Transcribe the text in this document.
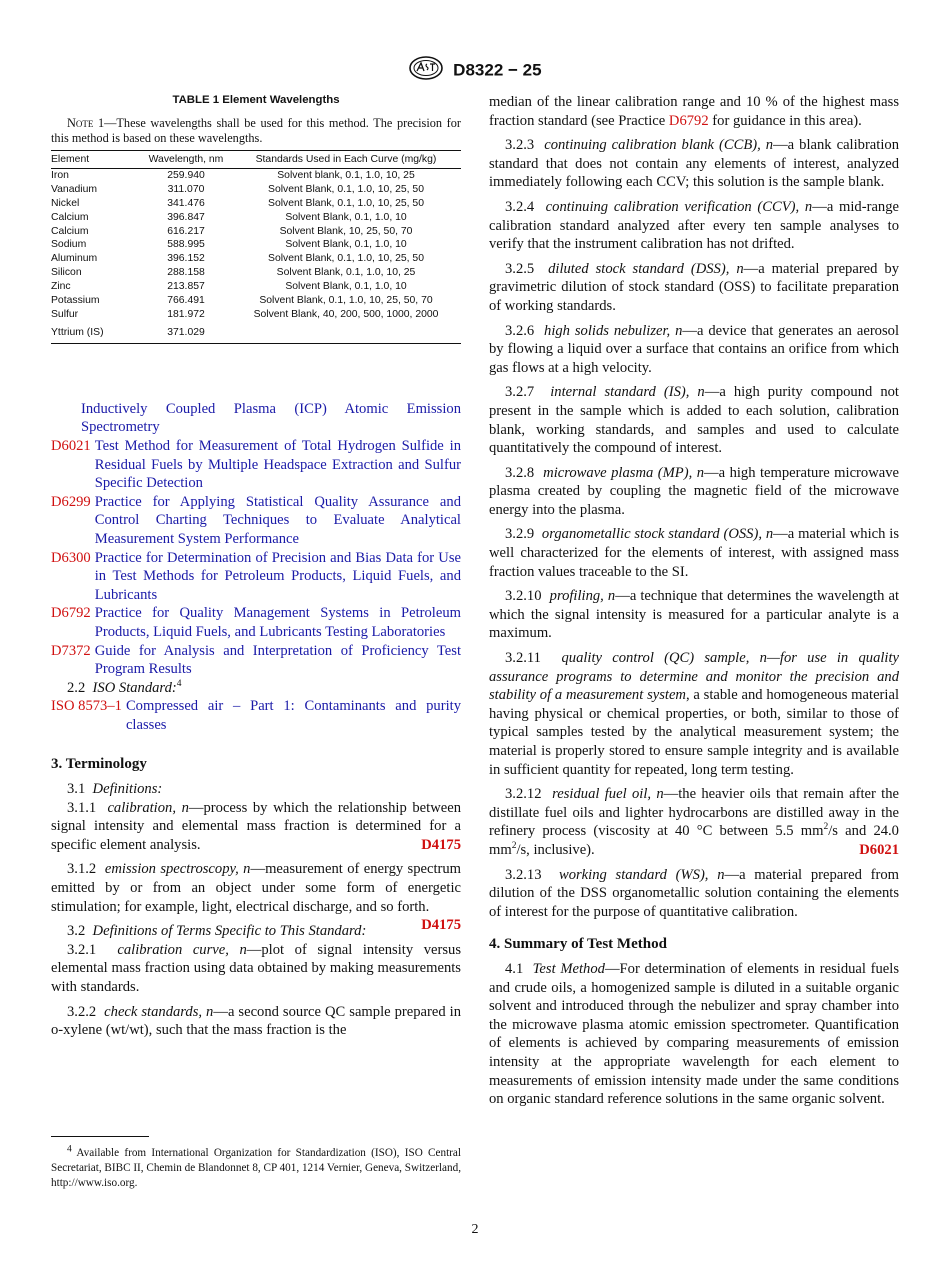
D8322 − 25
TABLE 1 Element Wavelengths
Note 1—These wavelengths shall be used for this method. The precision for this method is based on these wavelengths.
Element	Wavelength, nm	Standards Used in Each Curve (mg/kg)
Iron	259.940	Solvent blank, 0.1, 1.0, 10, 25
Vanadium	311.070	Solvent Blank, 0.1, 1.0, 10, 25, 50
Nickel	341.476	Solvent Blank, 0.1, 1.0, 10, 25, 50
Calcium	396.847	Solvent Blank, 0.1, 1.0, 10
Calcium	616.217	Solvent Blank, 10, 25, 50, 70
Sodium	588.995	Solvent Blank, 0.1, 1.0, 10
Aluminum	396.152	Solvent Blank, 0.1, 1.0, 10, 25, 50
Silicon	288.158	Solvent Blank, 0.1, 1.0, 10, 25
Zinc	213.857	Solvent Blank, 0.1, 1.0, 10
Potassium	766.491	Solvent Blank, 0.1, 1.0, 10, 25, 50, 70
Sulfur	181.972	Solvent Blank, 40, 200, 500, 1000, 2000
Yttrium (IS)	371.029	
Inductively Coupled Plasma (ICP) Atomic Emission Spectrometry
D6021 Test Method for Measurement of Total Hydrogen Sulfide in Residual Fuels by Multiple Headspace Extraction and Sulfur Specific Detection
D6299 Practice for Applying Statistical Quality Assurance and Control Charting Techniques to Evaluate Analytical Measurement System Performance
D6300 Practice for Determination of Precision and Bias Data for Use in Test Methods for Petroleum Products, Liquid Fuels, and Lubricants
D6792 Practice for Quality Management Systems in Petroleum Products, Liquid Fuels, and Lubricants Testing Laboratories
D7372 Guide for Analysis and Interpretation of Proficiency Test Program Results
2.2 ISO Standard:$^4$
ISO 8573–1 Compressed air – Part 1: Contaminants and purity classes
3. Terminology

3.1 Definitions:

3.1.1 calibration, n—process by which the relationship between signal intensity and elemental mass fraction is determined for a specific element analysis.	D4175

3.1.2 emission spectroscopy, n—measurement of energy spectrum emitted by or from an object under some form of energetic stimulation; for example, light, electrical discharge, and so forth.
D4175

3.2 Definitions of Terms Specific to This Standard:

3.2.1 calibration curve, n—plot of signal intensity versus elemental mass fraction using data obtained by making measurements with standards.

3.2.2 check standards, n—a second source QC sample prepared in o-xylene (wt/wt), such that the mass fraction is the

median of the linear calibration range and 10 % of the highest mass fraction standard (see Practice D6792 for guidance in this area).

3.2.3 continuing calibration blank (CCB), n—a blank calibration standard that does not contain any elements of interest, analyzed immediately following each CCV; this solution is the sample blank.

3.2.4 continuing calibration verification (CCV), n—a mid-range calibration standard analyzed after every ten sample analyses to verify that the instrument calibration has not drifted.

3.2.5 diluted stock standard (DSS), n—a material prepared by gravimetric dilution of stock standard (OSS) to facilitate preparation of working standards.

3.2.6 high solids nebulizer, n—a device that generates an aerosol by flowing a liquid over a surface that contains an orifice from which gas flows at a high velocity.

3.2.7 internal standard (IS), n—a high purity compound not present in the sample which is added to each solution, calibration blank, working standards, and samples and used to calculate quantitatively the compound of interest.

3.2.8 microwave plasma (MP), n—a high temperature microwave plasma created by coupling the magnetic field of the microwave energy into the plasma.

3.2.9 organometallic stock standard (OSS), n—a material which is well characterized for the elements of interest, with assigned mass fraction values traceable to the SI.

3.2.10 profiling, n—a technique that determines the wavelength at which the signal intensity is measured for a particular analyte is a maximum.

3.2.11 quality control (QC) sample, n—for use in quality assurance programs to determine and monitor the precision and stability of a measurement system, a stable and homogeneous material having physical or chemical properties, or both, similar to those of typical samples tested by the analytical measurement system; the material is properly stored to ensure sample integrity and is available in sufficient quantity for repeated, long term testing.

3.2.12 residual fuel oil, n—the heavier oils that remain after the distillate fuel oils and lighter hydrocarbons are distilled away in the refinery process (viscosity at 40 °C between 5.5 $mm^2/s$ and 24.0 $mm^2/s$, inclusive).	D6021

3.2.13 working standard (WS), n—a material prepared from dilution of the DSS organometallic solution containing the elements of interest for the purpose of quantitative calibration.

4. Summary of Test Method

4.1 Test Method—For determination of elements in residual fuels and crude oils, a homogenized sample is diluted in a suitable organic solvent and introduced through the nebulizer and spray chamber into the microwave plasma atomic emission spectrometer. Quantification of elements is achieved by comparing measurements of emission intensity at the appropriate wavelength for each element to measurements of emission intensity made under the same conditions on organic standard reference solutions in the same organic solvent.

$^4$ Available from International Organization for Standardization (ISO), ISO Central Secretariat, BIBC II, Chemin de Blandonnet 8, CP 401, 1214 Vernier, Geneva, Switzerland, http://www.iso.org.
2
